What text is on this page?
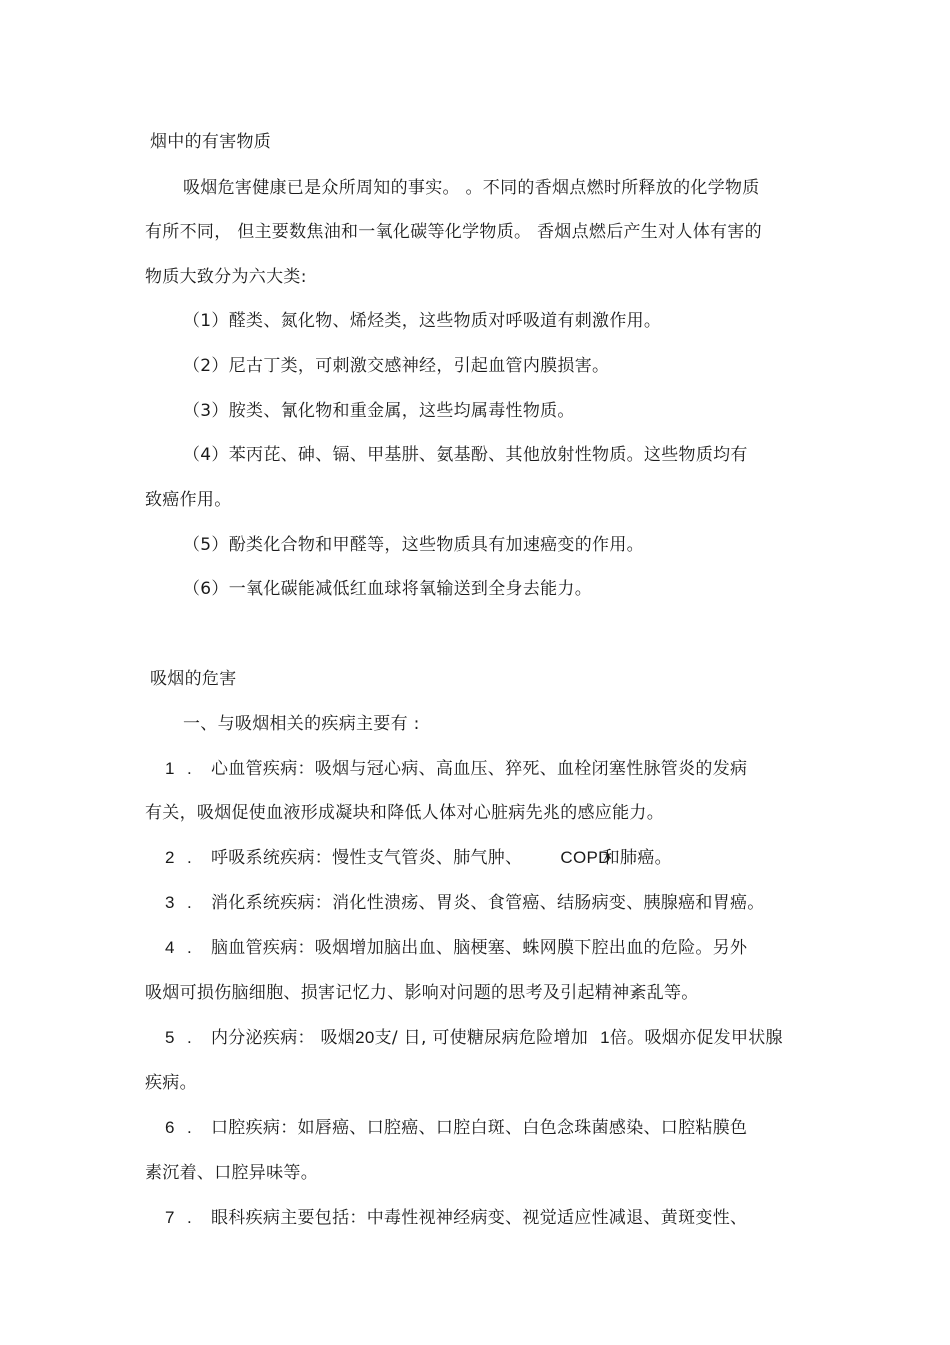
烟中的有害物质
吸烟危害健康已是众所周知的事实。 。不同的香烟点燃时所释放的化学物质
有所不同， 但主要数焦油和一氧化碳等化学物质。 香烟点燃后产生对人体有害的
物质大致分为六大类:
（1）醛类、氮化物、烯烃类，这些物质对呼吸道有刺激作用。
（2）尼古丁类，可刺激交感神经，引起血管内膜损害。
（3）胺类、氰化物和重金属，这些均属毒性物质。
（4）苯丙芘、砷、镉、甲基肼、氨基酚、其他放射性物质。这些物质均有
致癌作用。
（5）酚类化合物和甲醛等，这些物质具有加速癌变的作用。
（6）一氧化碳能减低红血球将氧输送到全身去能力。
吸烟的危害
一、与吸烟相关的疾病主要有 :
1 . 心血管疾病：吸烟与冠心病、高血压、猝死、血栓闭塞性脉管炎的发病
有关，吸烟促使血液形成凝块和降低人体对心脏病先兆的感应能力。
2 . 呼吸系统疾病：慢性支气管炎、肺气肿、 COPD和肺癌。
3 . 消化系统疾病：消化性溃疡、胃炎、食管癌、结肠病变、胰腺癌和胃癌。
4 . 脑血管疾病：吸烟增加脑出血、脑梗塞、蛛网膜下腔出血的危险。另外
吸烟可损伤脑细胞、损害记忆力、影响对问题的思考及引起精神紊乱等。
5 . 内分泌疾病： 吸烟20支/ 日, 可使糖尿病危险增加 1倍。吸烟亦促发甲状腺
疾病。
6 . 口腔疾病：如唇癌、口腔癌、口腔白斑、白色念珠菌感染、口腔粘膜色
素沉着、口腔异味等。
7 . 眼科疾病主要包括：中毒性视神经病变、视觉适应性减退、黄斑变性、
